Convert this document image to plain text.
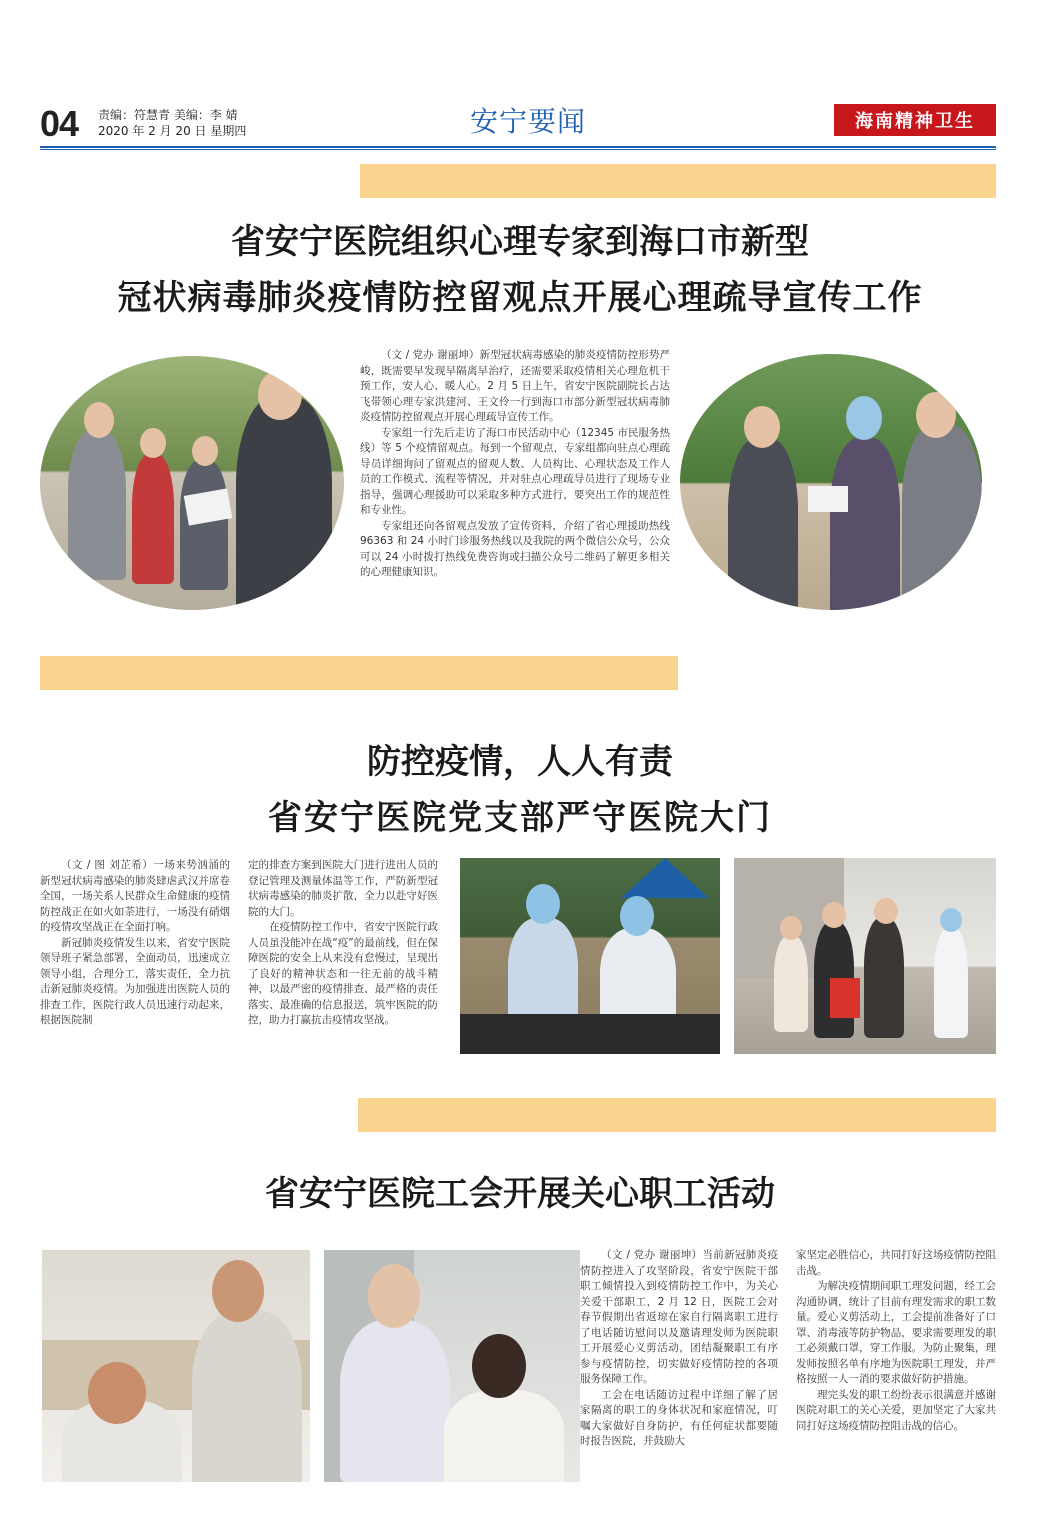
04 责编：符慧青 美编：李 婧
2020 年 2 月 20 日 星期四	安宁要闻	海南精神卫生
省安宁医院组织心理专家到海口市新型
冠状病毒肺炎疫情防控留观点开展心理疏导宣传工作

（文 / 党办 谢丽坤）新型冠状病毒感染的肺炎疫情防控形势严峻，既需要早发现早隔离早治疗，还需要采取疫情相关心理危机干预工作，安人心、暖人心。2 月 5 日上午，省安宁医院副院长占达飞带领心理专家洪建河、王文伶一行到海口市部分新型冠状病毒肺炎疫情防控留观点开展心理疏导宣传工作。

专家组一行先后走访了海口市民活动中心（12345 市民服务热线）等 5 个疫情留观点。每到一个留观点，专家组都向驻点心理疏导员详细询问了留观点的留观人数、人员构比、心理状态及工作人员的工作模式、流程等情况，并对驻点心理疏导员进行了现场专业指导，强调心理援助可以采取多种方式进行，要突出工作的规范性和专业性。

专家组还向各留观点发放了宣传资料，介绍了省心理援助热线 96363 和 24 小时门诊服务热线以及我院的两个微信公众号，公众可以 24 小时拨打热线免费咨询或扫描公众号二维码了解更多相关的心理健康知识。

防控疫情，人人有责
省安宁医院党支部严守医院大门

（文 / 图 刘芷希）一场来势汹涌的新型冠状病毒感染的肺炎肆虐武汉并席卷全国，一场关系人民群众生命健康的疫情防控战正在如火如荼进行，一场没有硝烟的疫情攻坚战正在全面打响。

新冠肺炎疫情发生以来，省安宁医院领导班子紧急部署，全面动员，迅速成立领导小组，合理分工，落实责任，全力抗击新冠肺炎疫情。为加强进出医院人员的排查工作，医院行政人员迅速行动起来，根据医院制

定的排查方案到医院大门进行进出人员的登记管理及测量体温等工作，严防新型冠状病毒感染的肺炎扩散，全力以赴守好医院的大门。

在疫情防控工作中，省安宁医院行政人员虽没能冲在战“疫”的最前线，但在保障医院的安全上从来没有怠慢过，呈现出了良好的精神状态和一往无前的战斗精神，以最严密的疫情排查、最严格的责任落实、最准确的信息报送，筑牢医院的防控，助力打赢抗击疫情攻坚战。

省安宁医院工会开展关心职工活动

（文 / 党办 谢丽坤）当前新冠肺炎疫情防控进入了攻坚阶段，省安宁医院干部职工倾情投入到疫情防控工作中，为关心关爱干部职工，2 月 12 日，医院工会对春节假期出省返琼在家自行隔离职工进行了电话随访慰问以及邀请理发师为医院职工开展爱心义剪活动，团结凝聚职工有序参与疫情防控，切实做好疫情防控的各项服务保障工作。

工会在电话随访过程中详细了解了居家隔离的职工的身体状况和家庭情况，叮嘱大家做好自身防护，有任何症状都要随时报告医院，并鼓励大

家坚定必胜信心，共同打好这场疫情防控阻击战。

为解决疫情期间职工理发问题，经工会沟通协调，统计了目前有理发需求的职工数量。爱心义剪活动上，工会提前准备好了口罩、消毒液等防护物品，要求需要理发的职工必须戴口罩，穿工作服。为防止聚集，理发师按照名单有序地为医院职工理发，并严格按照一人一消的要求做好防护措施。

理完头发的职工纷纷表示很满意并感谢医院对职工的关心关爱，更加坚定了大家共同打好这场疫情防控阻击战的信心。
